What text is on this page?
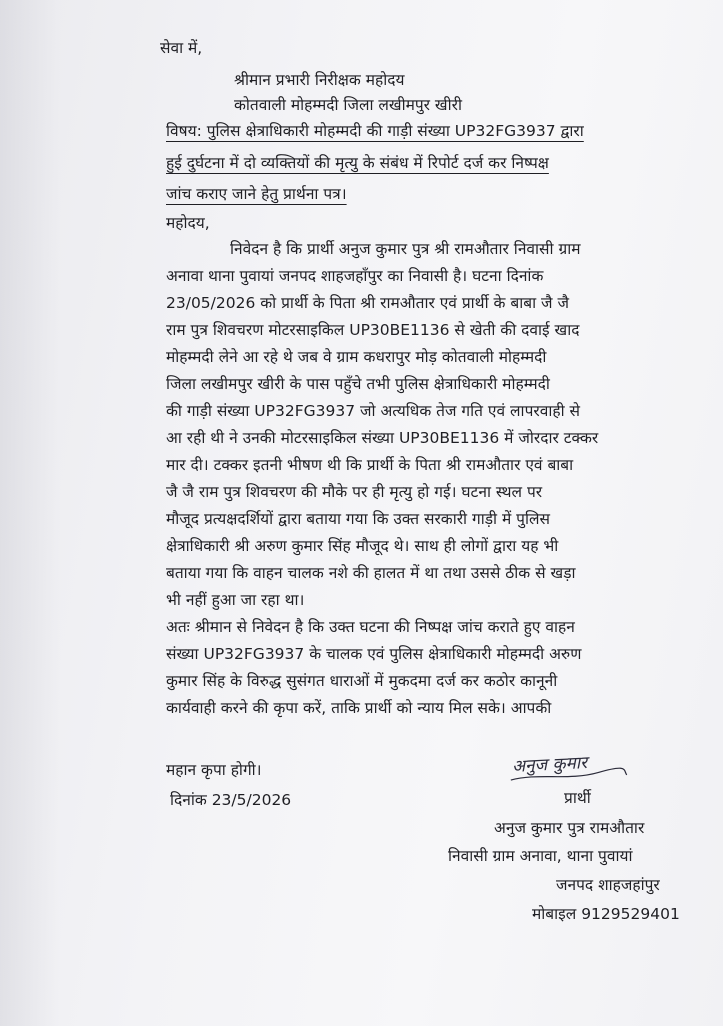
सेवा में,
श्रीमान प्रभारी निरीक्षक महोदय
कोतवाली मोहम्मदी जिला लखीमपुर खीरी
विषय: पुलिस क्षेत्राधिकारी मोहम्मदी की गाड़ी संख्या UP32FG3937 द्वारा
हुई दुर्घटना में दो व्यक्तियों की मृत्यु के संबंध में रिपोर्ट दर्ज कर निष्पक्ष
जांच कराए जाने हेतु प्रार्थना पत्र।
महोदय,
निवेदन है कि प्रार्थी अनुज कुमार पुत्र श्री रामऔतार निवासी ग्राम
अनावा थाना पुवायां जनपद शाहजहाँपुर का निवासी है। घटना दिनांक
23/05/2026 को प्रार्थी के पिता श्री रामऔतार एवं प्रार्थी के बाबा जै जै
राम पुत्र शिवचरण मोटरसाइकिल UP30BE1136 से खेती की दवाई खाद
मोहम्मदी लेने आ रहे थे जब वे ग्राम कधरापुर मोड़ कोतवाली मोहम्मदी
जिला लखीमपुर खीरी के पास पहुँचे तभी पुलिस क्षेत्राधिकारी मोहम्मदी
की गाड़ी संख्या UP32FG3937 जो अत्यधिक तेज गति एवं लापरवाही से
आ रही थी ने उनकी मोटरसाइकिल संख्या UP30BE1136 में जोरदार टक्कर
मार दी। टक्कर इतनी भीषण थी कि प्रार्थी के पिता श्री रामऔतार एवं बाबा
जै जै राम पुत्र शिवचरण की मौके पर ही मृत्यु हो गई। घटना स्थल पर
मौजूद प्रत्यक्षदर्शियों द्वारा बताया गया कि उक्त सरकारी गाड़ी में पुलिस
क्षेत्राधिकारी श्री अरुण कुमार सिंह मौजूद थे। साथ ही लोगों द्वारा यह भी
बताया गया कि वाहन चालक नशे की हालत में था तथा उससे ठीक से खड़ा
भी नहीं हुआ जा रहा था।
अतः श्रीमान से निवेदन है कि उक्त घटना की निष्पक्ष जांच कराते हुए वाहन
संख्या UP32FG3937 के चालक एवं पुलिस क्षेत्राधिकारी मोहम्मदी अरुण
कुमार सिंह के विरुद्ध सुसंगत धाराओं में मुकदमा दर्ज कर कठोर कानूनी
कार्यवाही करने की कृपा करें, ताकि प्रार्थी को न्याय मिल सके। आपकी
महान कृपा होगी।	अनुज कुमार
प्रार्थी
दिनांक 23/5/2026
अनुज कुमार पुत्र रामऔतार
निवासी ग्राम अनावा, थाना पुवायां
जनपद शाहजहांपुर
मोबाइल 9129529401
